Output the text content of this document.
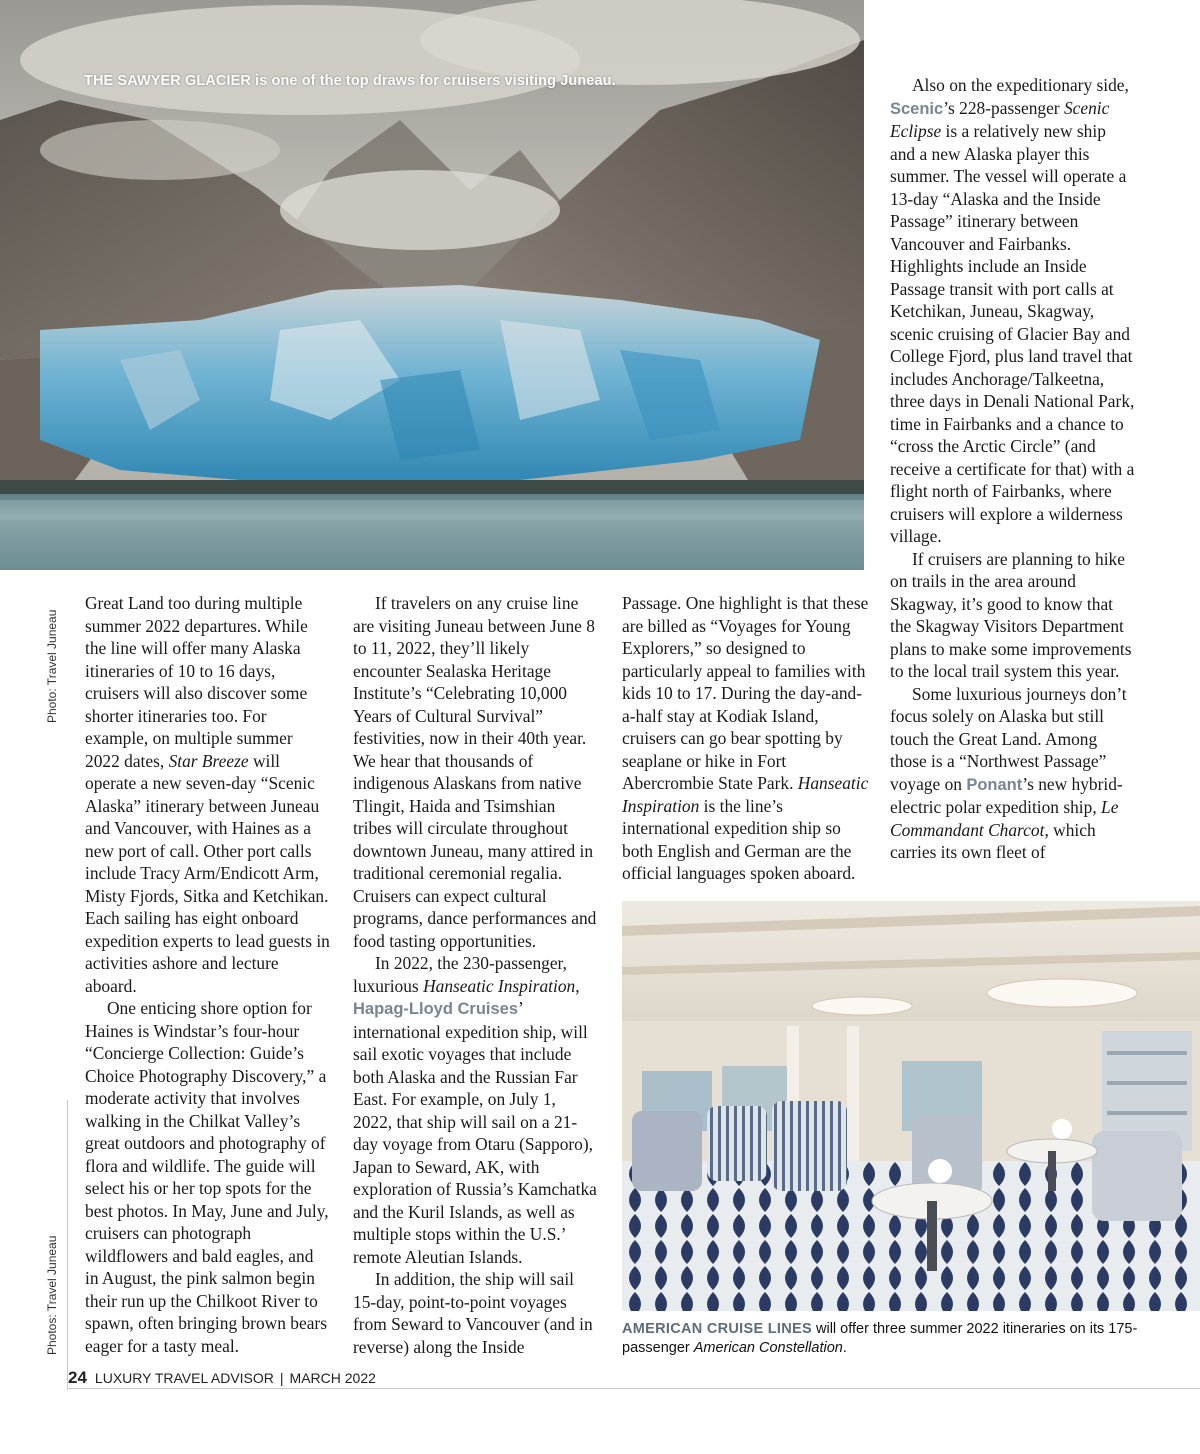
THE SAWYER GLACIER is one of the top draws for cruisers visiting Juneau.
Photo: Travel Juneau
Photos: Travel Juneau

Great Land too during multiple summer 2022 departures. While the line will offer many Alaska itineraries of 10 to 16 days, cruisers will also discover some shorter itineraries too. For example, on multiple summer 2022 dates, Star Breeze will operate a new seven-day “Scenic Alaska” itinerary between Juneau and Vancouver, with Haines as a new port of call. Other port calls include Tracy Arm/Endicott Arm, Misty Fjords, Sitka and Ketchikan. Each sailing has eight onboard expedition experts to lead guests in activities ashore and lecture aboard.

One enticing shore option for Haines is Windstar’s four-hour “Concierge Collection: Guide’s Choice Photography Discovery,” a moderate activity that involves walking in the Chilkat Valley’s great outdoors and photography of flora and wildlife. The guide will select his or her top spots for the best photos. In May, June and July, cruisers can photograph wildflowers and bald eagles, and in August, the pink salmon begin their run up the Chilkoot River to spawn, often bringing brown bears eager for a tasty meal.

If travelers on any cruise line are visiting Juneau between June 8 to 11, 2022, they’ll likely encounter Sealaska Heritage Institute’s “Celebrating 10,000 Years of Cultural Survival” festivities, now in their 40th year. We hear that thousands of indigenous Alaskans from native Tlingit, Haida and Tsimshian tribes will circulate throughout downtown Juneau, many attired in traditional ceremonial regalia. Cruisers can expect cultural programs, dance performances and food tasting opportunities.

In 2022, the 230-passenger, luxurious Hanseatic Inspiration, Hapag-Lloyd Cruises’ international expedition ship, will sail exotic voyages that include both Alaska and the Russian Far East. For example, on July 1, 2022, that ship will sail on a 21-day voyage from Otaru (Sapporo), Japan to Seward, AK, with exploration of Russia’s Kamchatka and the Kuril Islands, as well as multiple stops within the U.S.’ remote Aleutian Islands.

In addition, the ship will sail 15-day, point-to-point voyages from Seward to Vancouver (and in reverse) along the Inside

Passage. One highlight is that these are billed as “Voyages for Young Explorers,” so designed to particularly appeal to families with kids 10 to 17. During the day-and-a-half stay at Kodiak Island, cruisers can go bear spotting by seaplane or hike in Fort Abercrombie State Park. Hanseatic Inspiration is the line’s international expedition ship so both English and German are the official languages spoken aboard.

Also on the expeditionary side, Scenic’s 228-passenger Scenic Eclipse is a relatively new ship and a new Alaska player this summer. The vessel will operate a 13-day “Alaska and the Inside Passage” itinerary between Vancouver and Fairbanks. Highlights include an Inside Passage transit with port calls at Ketchikan, Juneau, Skagway, scenic cruising of Glacier Bay and College Fjord, plus land travel that includes Anchorage/Talkeetna, three days in Denali National Park, time in Fairbanks and a chance to “cross the Arctic Circle” (and receive a certificate for that) with a flight north of Fairbanks, where cruisers will explore a wilderness village.

If cruisers are planning to hike on trails in the area around Skagway, it’s good to know that the Skagway Visitors Department plans to make some improvements to the local trail system this year.

Some luxurious journeys don’t focus solely on Alaska but still touch the Great Land. Among those is a “Northwest Passage” voyage on Ponant’s new hybrid-electric polar expedition ship, Le Commandant Charcot, which carries its own fleet of

AMERICAN CRUISE LINES will offer three summer 2022 itineraries on its 175-passenger American Constellation.
24 LUXURY TRAVEL ADVISOR | MARCH 2022
